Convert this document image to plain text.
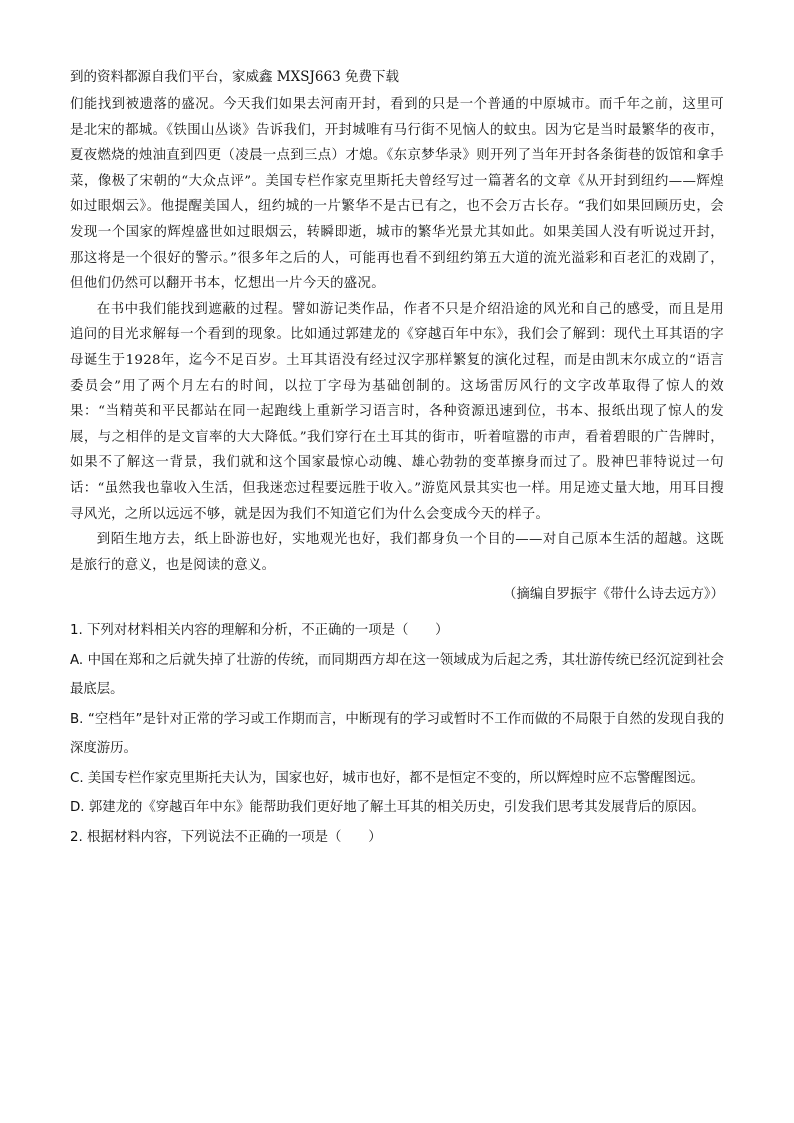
到的资料都源自我们平台，家威鑫 MXSJ663 免费下载

们能找到被遗落的盛况。今天我们如果去河南开封，看到的只是一个普通的中原城市。而千年之前，这里可是北宋的都城。《铁围山丛谈》告诉我们，开封城唯有马行街不见恼人的蚊虫。因为它是当时最繁华的夜市，夏夜燃烧的烛油直到四更（凌晨一点到三点）才熄。《东京梦华录》则开列了当年开封各条街巷的饭馆和拿手菜，像极了宋朝的“大众点评”。美国专栏作家克里斯托夫曾经写过一篇著名的文章《从开封到纽约——辉煌如过眼烟云》。他提醒美国人，纽约城的一片繁华不是古已有之，也不会万古长存。“我们如果回顾历史，会发现一个国家的辉煌盛世如过眼烟云，转瞬即逝，城市的繁华光景尤其如此。如果美国人没有听说过开封，那这将是一个很好的警示。”很多年之后的人，可能再也看不到纽约第五大道的流光溢彩和百老汇的戏剧了，但他们仍然可以翻开书本，忆想出一片今天的盛况。

在书中我们能找到遮蔽的过程。譬如游记类作品，作者不只是介绍沿途的风光和自己的感受，而且是用追问的目光求解每一个看到的现象。比如通过郭建龙的《穿越百年中东》，我们会了解到：现代土耳其语的字母诞生于1928年，迄今不足百岁。土耳其语没有经过汉字那样繁复的演化过程，而是由凯末尔成立的“语言委员会”用了两个月左右的时间，以拉丁字母为基础创制的。这场雷厉风行的文字改革取得了惊人的效果：“当精英和平民都站在同一起跑线上重新学习语言时，各种资源迅速到位，书本、报纸出现了惊人的发展，与之相伴的是文盲率的大大降低。”我们穿行在土耳其的街市，听着喧嚣的市声，看着碧眼的广告牌时，如果不了解这一背景，我们就和这个国家最惊心动魄、雄心勃勃的变革擦身而过了。股神巴菲特说过一句话：“虽然我也靠收入生活，但我迷恋过程要远胜于收入。”游览风景其实也一样。用足迹丈量大地，用耳目搜寻风光，之所以远远不够，就是因为我们不知道它们为什么会变成今天的样子。

到陌生地方去，纸上卧游也好，实地观光也好，我们都身负一个目的——对自己原本生活的超越。这既是旅行的意义，也是阅读的意义。

（摘编自罗振宇《带什么诗去远方》）

1. 下列对材料相关内容的理解和分析，不正确的一项是（　　）

A. 中国在郑和之后就失掉了壮游的传统，而同期西方却在这一领域成为后起之秀，其壮游传统已经沉淀到社会最底层。

B. “空档年”是针对正常的学习或工作期而言，中断现有的学习或暂时不工作而做的不局限于自然的发现自我的深度游历。

C. 美国专栏作家克里斯托夫认为，国家也好，城市也好，都不是恒定不变的，所以辉煌时应不忘警醒图远。

D. 郭建龙的《穿越百年中东》能帮助我们更好地了解土耳其的相关历史，引发我们思考其发展背后的原因。

2. 根据材料内容，下列说法不正确的一项是（　　）
